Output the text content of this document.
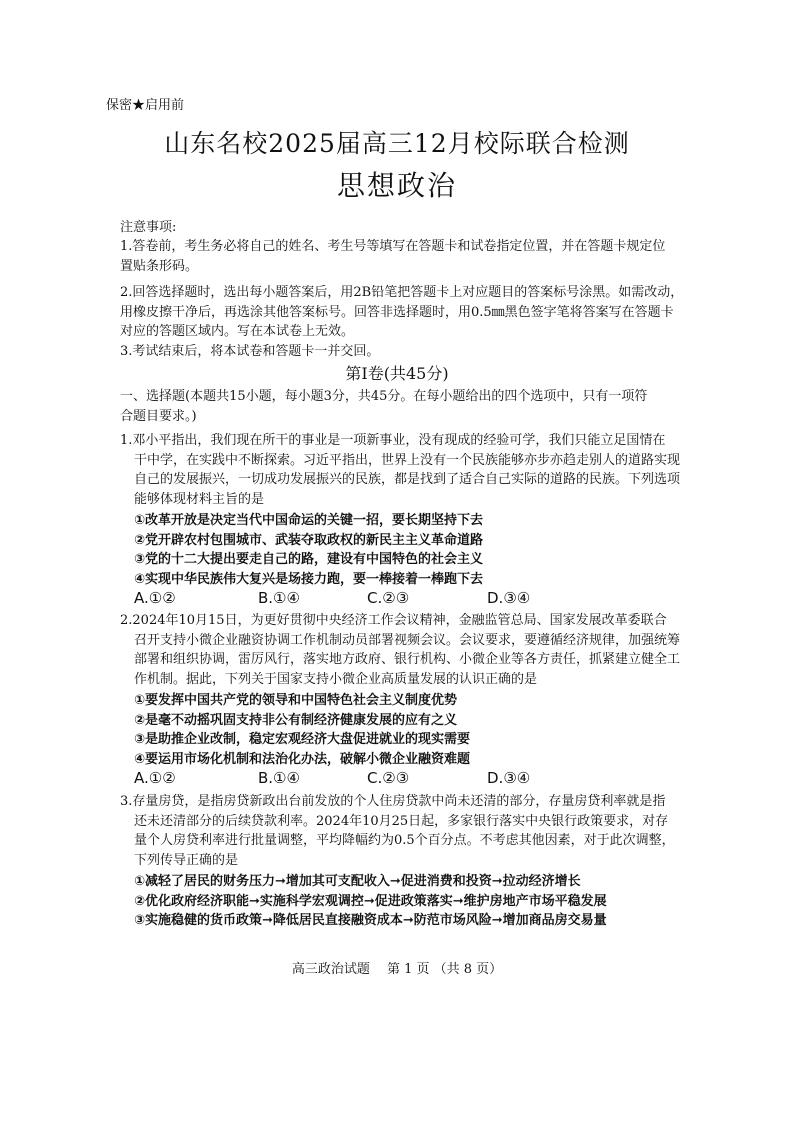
保密★启用前
山东名校2025届高三12月校际联合检测
思想政治
注意事项:
1.答卷前，考生务必将自己的姓名、考生号等填写在答题卡和试卷指定位置，并在答题卡规定位
置贴条形码。
2.回答选择题时，选出每小题答案后，用2B铅笔把答题卡上对应题目的答案标号涂黑。如需改动，
用橡皮擦干净后，再选涂其他答案标号。回答非选择题时，用0.5㎜黑色签字笔将答案写在答题卡
对应的答题区域内。写在本试卷上无效。
3.考试结束后，将本试卷和答题卡一并交回。
第I卷(共45分)
一、选择题(本题共15小题，每小题3分，共45分。在每小题给出的四个选项中，只有一项符
合题目要求。)
1.邓小平指出，我们现在所干的事业是一项新事业，没有现成的经验可学，我们只能立足国情在
干中学，在实践中不断探索。习近平指出，世界上没有一个民族能够亦步亦趋走别人的道路实现
自己的发展振兴，一切成功发展振兴的民族，都是找到了适合自己实际的道路的民族。下列选项
能够体现材料主旨的是
①改革开放是决定当代中国命运的关键一招，要长期坚持下去
②党开辟农村包围城市、武装夺取政权的新民主主义革命道路
③党的十二大提出要走自己的路，建设有中国特色的社会主义
④实现中华民族伟大复兴是场接力跑，要一棒接着一棒跑下去
A.①②	B.①④	C.②③	D.③④
2.2024年10月15日，为更好贯彻中央经济工作会议精神，金融监管总局、国家发展改革委联合
召开支持小微企业融资协调工作机制动员部署视频会议。会议要求，要遵循经济规律，加强统筹
部署和组织协调，雷厉风行，落实地方政府、银行机构、小微企业等各方责任，抓紧建立健全工
作机制。据此，下列关于国家支持小微企业高质量发展的认识正确的是
①要发挥中国共产党的领导和中国特色社会主义制度优势
②是毫不动摇巩固支持非公有制经济健康发展的应有之义
③是助推企业改制，稳定宏观经济大盘促进就业的现实需要
④要运用市场化机制和法治化办法，破解小微企业融资难题
A.①②	B.①④	C.②③	D.③④
3.存量房贷，是指房贷新政出台前发放的个人住房贷款中尚未还清的部分，存量房贷利率就是指
还未还清部分的后续贷款利率。2024年10月25日起，多家银行落实中央银行政策要求，对存
量个人房贷利率进行批量调整，平均降幅约为0.5个百分点。不考虑其他因素，对于此次调整，
下列传导正确的是
①减轻了居民的财务压力➞增加其可支配收入➞促进消费和投资➞拉动经济增长
②优化政府经济职能➞实施科学宏观调控➞促进政策落实➞维护房地产市场平稳发展
③实施稳健的货币政策➞降低居民直接融资成本➞防范市场风险➞增加商品房交易量
高三政治试题　 第 1 页 （共 8 页）
